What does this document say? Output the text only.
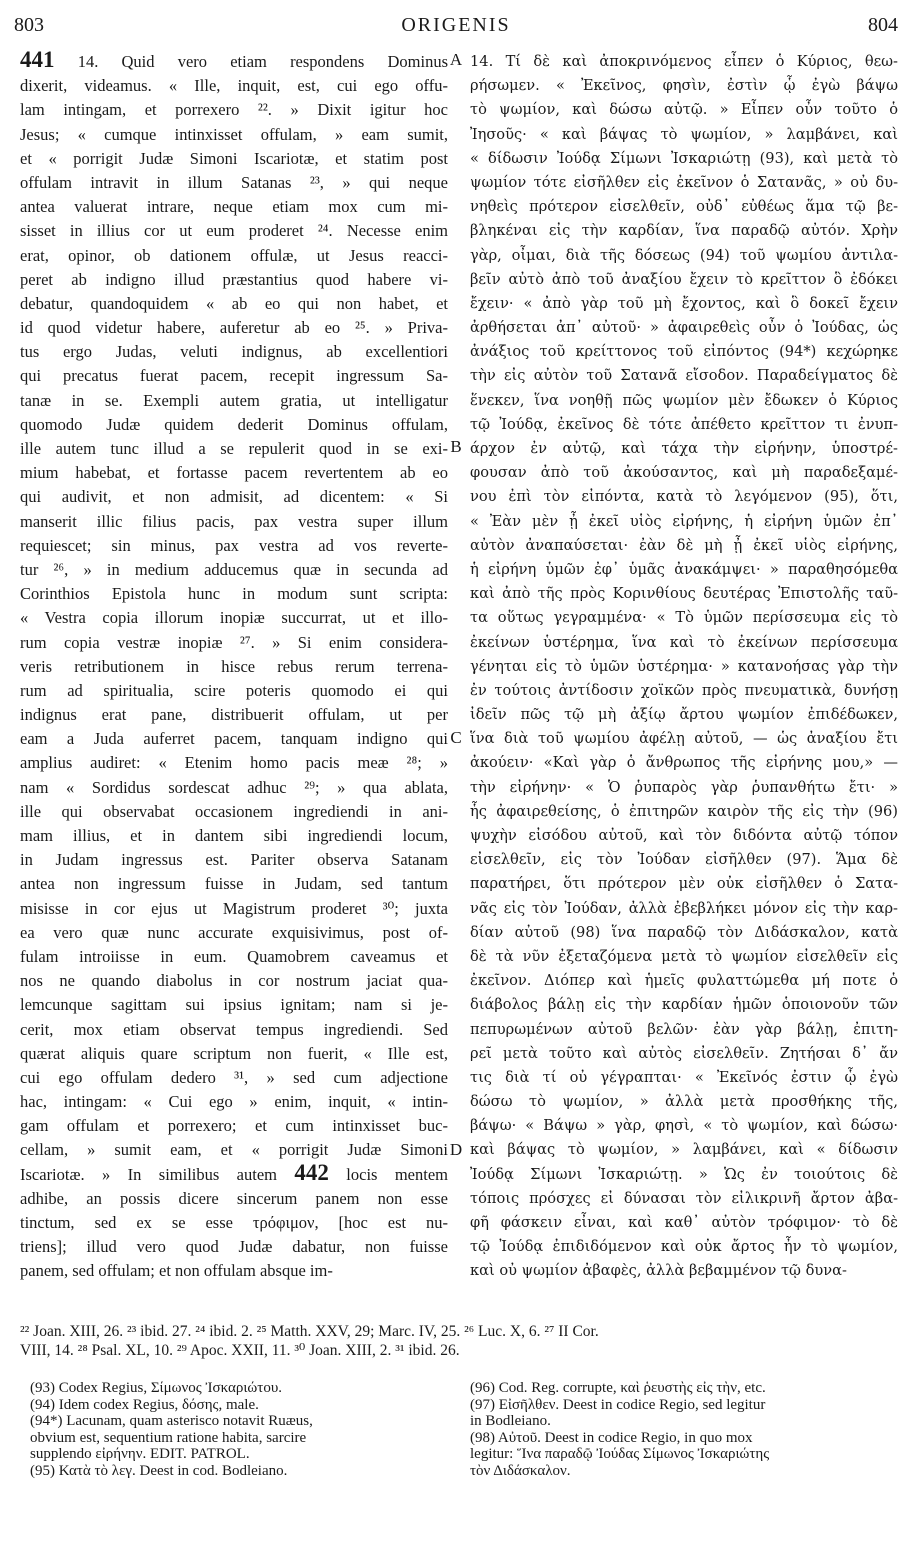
803	ORIGENIS	804
441 14. Quid vero etiam respondens Dominus
dixerit, videamus. « Ille, inquit, est, cui ego offu-
lam intingam, et porrexero ²². » Dixit igitur hoc
Jesus; « cumque intinxisset offulam, » eam sumit,
et « porrigit Judæ Simoni Iscariotæ, et statim post
offulam intravit in illum Satanas ²³, » qui neque
antea valuerat intrare, neque etiam mox cum mi-
sisset in illius cor ut eum proderet ²⁴. Necesse enim
erat, opinor, ob dationem offulæ, ut Jesus reacci-
peret ab indigno illud præstantius quod habere vi-
debatur, quandoquidem « ab eo qui non habet, et
id quod videtur habere, auferetur ab eo ²⁵. » Priva-
tus ergo Judas, veluti indignus, ab excellentiori
qui precatus fuerat pacem, recepit ingressum Sa-
tanæ in se. Exempli autem gratia, ut intelligatur
quomodo Judæ quidem dederit Dominus offulam,
ille autem tunc illud a se repulerit quod in se exi-
mium habebat, et fortasse pacem revertentem ab eo
qui audivit, et non admisit, ad dicentem: « Si
manserit illic filius pacis, pax vestra super illum
requiescet; sin minus, pax vestra ad vos reverte-
tur ²⁶, » in medium adducemus quæ in secunda ad
Corinthios Epistola hunc in modum sunt scripta:
« Vestra copia illorum inopiæ succurrat, ut et illo-
rum copia vestræ inopiæ ²⁷. » Si enim considera-
veris retributionem in hisce rebus rerum terrena-
rum ad spiritualia, scire poteris quomodo ei qui
indignus erat pane, distribuerit offulam, ut per
eam a Juda auferret pacem, tanquam indigno qui
amplius audiret: « Etenim homo pacis meæ ²⁸; »
nam « Sordidus sordescat adhuc ²⁹; » qua ablata,
ille qui observabat occasionem ingrediendi in ani-
mam illius, et in dantem sibi ingrediendi locum,
in Judam ingressus est. Pariter observa Satanam
antea non ingressum fuisse in Judam, sed tantum
misisse in cor ejus ut Magistrum proderet ³⁰; juxta
ea vero quæ nunc accurate exquisivimus, post of-
fulam introiisse in eum. Quamobrem caveamus et
nos ne quando diabolus in cor nostrum jaciat qua-
lemcunque sagittam sui ipsius ignitam; nam si je-
cerit, mox etiam observat tempus ingrediendi. Sed
quærat aliquis quare scriptum non fuerit, « Ille est,
cui ego offulam dedero ³¹, » sed cum adjectione
hac, intingam: « Cui ego » enim, inquit, « intin-
gam offulam et porrexero; et cum intinxisset buc-
cellam, » sumit eam, et « porrigit Judæ Simoni
Iscariotæ. » In similibus autem 442 locis mentem
adhibe, an possis dicere sincerum panem non esse
tinctum, sed ex se esse τρόφιμον, [hoc est nu-
triens]; illud vero quod Judæ dabatur, non fuisse
panem, sed offulam; et non offulam absque im-
14. Τί δὲ καὶ ἀποκρινόμενος εἶπεν ὁ Κύριος, θεω-
ρήσωμεν. « Ἐκεῖνος, φησὶν, ἐστὶν ᾧ ἐγὼ βάψω
τὸ ψωμίον, καὶ δώσω αὐτῷ. » Εἶπεν οὖν τοῦτο ὁ
Ἰησοῦς· « καὶ βάψας τὸ ψωμίον, » λαμβάνει, καὶ
« δίδωσιν Ἰούδᾳ Σίμωνι Ἰσκαριώτῃ (93), καὶ μετὰ τὸ
ψωμίον τότε εἰσῆλθεν εἰς ἐκεῖνον ὁ Σατανᾶς, » οὐ δυ-
νηθεὶς πρότερον εἰσελθεῖν, οὐδ᾽ εὐθέως ἅμα τῷ βε-
βληκέναι εἰς τὴν καρδίαν, ἵνα παραδῷ αὐτόν. Χρὴν
γὰρ, οἶμαι, διὰ τῆς δόσεως (94) τοῦ ψωμίου ἀντιλα-
βεῖν αὐτὸ ἀπὸ τοῦ ἀναξίου ἔχειν τὸ κρεῖττον ὃ ἐδόκει
ἔχειν· « ἀπὸ γὰρ τοῦ μὴ ἔχοντος, καὶ ὃ δοκεῖ ἔχειν
ἀρθήσεται ἀπ᾽ αὐτοῦ· » ἀφαιρεθεὶς οὖν ὁ Ἰούδας, ὡς
ἀνάξιος τοῦ κρείττονος τοῦ εἰπόντος (94*) κεχώρηκε
τὴν εἰς αὐτὸν τοῦ Σατανᾶ εἴσοδον. Παραδείγματος δὲ
ἕνεκεν, ἵνα νοηθῇ πῶς ψωμίον μὲν ἔδωκεν ὁ Κύριος
τῷ Ἰούδᾳ, ἐκεῖνος δὲ τότε ἀπέθετο κρεῖττον τι ἐνυπ-
άρχον ἐν αὐτῷ, καὶ τάχα τὴν εἰρήνην, ὑποστρέ-
φουσαν ἀπὸ τοῦ ἀκούσαντος, καὶ μὴ παραδεξαμέ-
νου ἐπὶ τὸν εἰπόντα, κατὰ τὸ λεγόμενον (95), ὅτι,
« Ἐὰν μὲν ᾖ ἐκεῖ υἱὸς εἰρήνης, ἡ εἰρήνη ὑμῶν ἐπ᾽
αὐτὸν ἀναπαύσεται· ἐὰν δὲ μὴ ᾖ ἐκεῖ υἱὸς εἰρήνης,
ἡ εἰρήνη ὑμῶν ἐφ᾽ ὑμᾶς ἀνακάμψει· » παραθησόμεθα
καὶ ἀπὸ τῆς πρὸς Κορινθίους δευτέρας Ἐπιστολῆς ταῦ-
τα οὕτως γεγραμμένα· « Τὸ ὑμῶν περίσσευμα εἰς τὸ
ἐκείνων ὑστέρημα, ἵνα καὶ τὸ ἐκείνων περίσσευμα
γένηται εἰς τὸ ὑμῶν ὑστέρημα· » κατανοήσας γὰρ τὴν
ἐν τούτοις ἀντίδοσιν χοϊκῶν πρὸς πνευματικὰ, δυνήσῃ
ἰδεῖν πῶς τῷ μὴ ἀξίῳ ἄρτου ψωμίον ἐπιδέδωκεν,
ἵνα διὰ τοῦ ψωμίου ἀφέλῃ αὐτοῦ, — ὡς ἀναξίου ἔτι
ἀκούειν· «Καὶ γὰρ ὁ ἄνθρωπος τῆς εἰρήνης μου,» —
τὴν εἰρήνην· « Ὁ ῥυπαρὸς γὰρ ῥυπανθήτω ἔτι· »
ἧς ἀφαιρεθείσης, ὁ ἐπιτηρῶν καιρὸν τῆς εἰς τὴν (96)
ψυχὴν εἰσόδου αὐτοῦ, καὶ τὸν διδόντα αὐτῷ τόπον
εἰσελθεῖν, εἰς τὸν Ἰούδαν εἰσῆλθεν (97). Ἅμα δὲ
παρατήρει, ὅτι πρότερον μὲν οὐκ εἰσῆλθεν ὁ Σατα-
νᾶς εἰς τὸν Ἰούδαν, ἀλλὰ ἐβεβλήκει μόνον εἰς τὴν καρ-
δίαν αὐτοῦ (98) ἵνα παραδῷ τὸν Διδάσκαλον, κατὰ
δὲ τὰ νῦν ἐξεταζόμενα μετὰ τὸ ψωμίον εἰσελθεῖν εἰς
ἐκεῖνον. Διόπερ καὶ ἡμεῖς φυλαττώμεθα μή ποτε ὁ
διάβολος βάλῃ εἰς τὴν καρδίαν ἡμῶν ὁποιονοῦν τῶν
πεπυρωμένων αὐτοῦ βελῶν· ἐὰν γὰρ βάλῃ, ἐπιτη-
ρεῖ μετὰ τοῦτο καὶ αὐτὸς εἰσελθεῖν. Ζητήσαι δ᾽ ἄν
τις διὰ τί οὐ γέγραπται· « Ἐκεῖνός ἐστιν ᾧ ἐγὼ
δώσω τὸ ψωμίον, » ἀλλὰ μετὰ προσθήκης τῆς,
βάψω· « Βάψω » γὰρ, φησὶ, « τὸ ψωμίον, καὶ δώσω·
καὶ βάψας τὸ ψωμίον, » λαμβάνει, καὶ « δίδωσιν
Ἰούδᾳ Σίμωνι Ἰσκαριώτῃ. » Ὡς ἐν τοιούτοις δὲ
τόποις πρόσχες εἰ δύνασαι τὸν εἰλικρινῆ ἄρτον ἀβα-
φῆ φάσκειν εἶναι, καὶ καθ᾽ αὐτὸν τρόφιμον· τὸ δὲ
τῷ Ἰούδᾳ ἐπιδιδόμενον καὶ οὐκ ἄρτος ἦν τὸ ψωμίον,
καὶ οὐ ψωμίον ἀβαφὲς, ἀλλὰ βεβαμμένον τῷ δυνα-
A
B
C
D
²² Joan. XIII, 26. ²³ ibid. 27. ²⁴ ibid. 2. ²⁵ Matth. XXV, 29; Marc. IV, 25. ²⁶ Luc. X, 6. ²⁷ II Cor.
VIII, 14. ²⁸ Psal. XL, 10. ²⁹ Apoc. XXII, 11. ³⁰ Joan. XIII, 2. ³¹ ibid. 26.
(93) Codex Regius, Σίμωνος Ἰσκαριώτου.
(94) Idem codex Regius, δόσης, male.
(94*) Lacunam, quam asterisco notavit Ruæus,
obvium est, sequentium ratione habita, sarcire
supplendo εἰρήνην. EDIT. PATROL.
(95) Κατὰ τὸ λεγ. Deest in cod. Bodleiano.
(96) Cod. Reg. corrupte, καὶ ῥευστὴς εἰς τὴν, etc.
(97) Εἰσῆλθεν. Deest in codice Regio, sed legitur
in Bodleiano.
(98) Αὐτοῦ. Deest in codice Regio, in quo mox
legitur: Ἵνα παραδῷ Ἰούδας Σίμωνος Ἰσκαριώτης
τὸν Διδάσκαλον.
